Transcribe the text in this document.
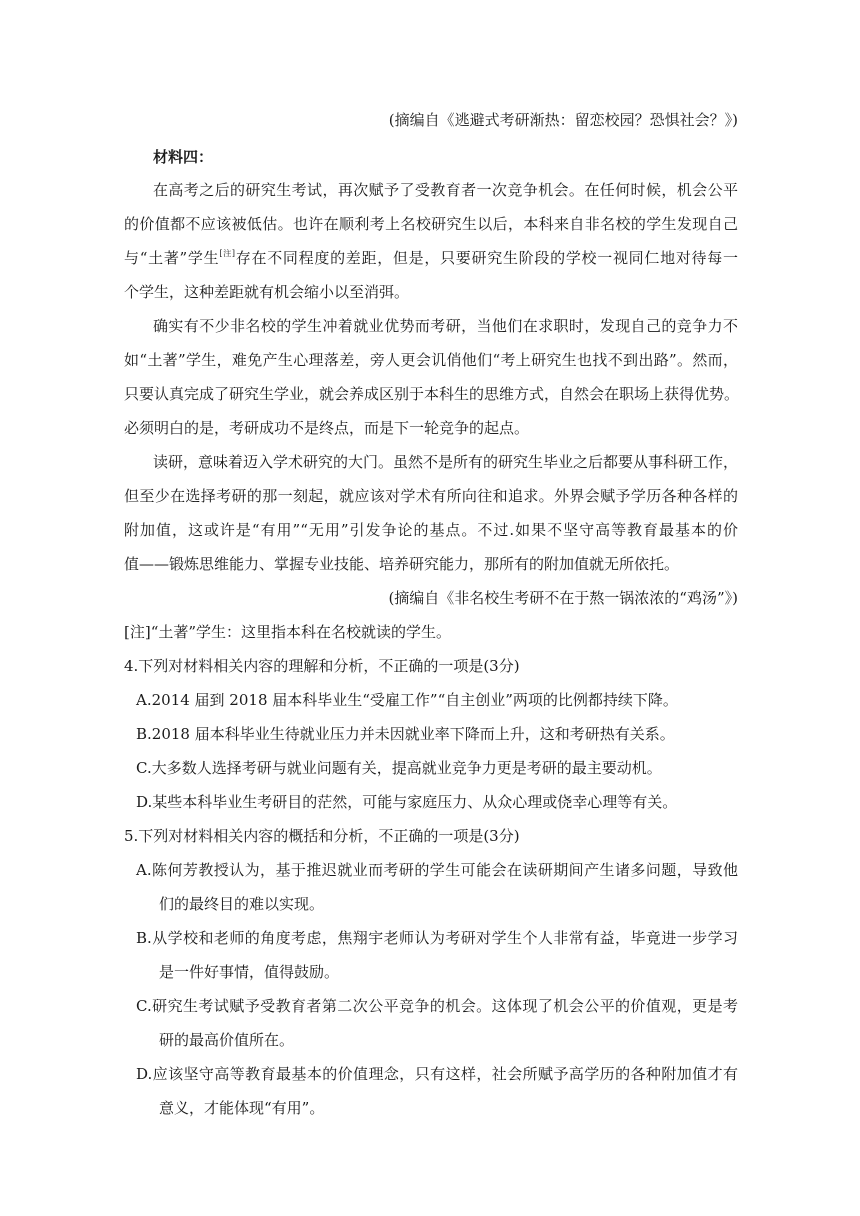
(摘编自《逃避式考研渐热：留恋校园？恐惧社会？》)
材料四：
在高考之后的研究生考试，再次赋予了受教育者一次竞争机会。在任何时候，机会公平
的价值都不应该被低估。也许在顺利考上名校研究生以后，本科来自非名校的学生发现自己
与“土著”学生[注]存在不同程度的差距，但是，只要研究生阶段的学校一视同仁地对待每一
个学生，这种差距就有机会缩小以至消弭。
确实有不少非名校的学生冲着就业优势而考研，当他们在求职时，发现自己的竞争力不
如“土著”学生，难免产生心理落差，旁人更会讥俏他们“考上研究生也找不到出路”。然而，
只要认真完成了研究生学业，就会养成区别于本科生的思维方式，自然会在职场上获得优势。
必须明白的是，考研成功不是终点，而是下一轮竞争的起点。
读研，意味着迈入学术研究的大门。虽然不是所有的研究生毕业之后都要从事科研工作，
但至少在选择考研的那一刻起，就应该对学术有所向往和追求。外界会赋予学历各种各样的
附加值，这或许是“有用”“无用”引发争论的基点。不过.如果不坚守高等教育最基本的价
值——锻炼思维能力、掌握专业技能、培养研究能力，那所有的附加值就无所依托。
(摘编自《非名校生考研不在于熬一锅浓浓的“鸡汤”》)
[注]“土著”学生：这里指本科在名校就读的学生。
4.下列对材料相关内容的理解和分析，不正确的一项是(3分)
A.2014 届到 2018 届本科毕业生“受雇工作”“自主创业”两项的比例都持续下降。
B.2018 届本科毕业生待就业压力并未因就业率下降而上升，这和考研热有关系。
C.大多数人选择考研与就业问题有关，提高就业竞争力更是考研的最主要动机。
D.某些本科毕业生考研目的茫然，可能与家庭压力、从众心理或侥幸心理等有关。
5.下列对材料相关内容的概括和分析，不正确的一项是(3分)
A.陈何芳教授认为，基于推迟就业而考研的学生可能会在读研期间产生诸多问题，导致他
们的最终目的难以实现。
B.从学校和老师的角度考虑，焦翔宇老师认为考研对学生个人非常有益，毕竟进一步学习
是一件好事情，值得鼓励。
C.研究生考试赋予受教育者第二次公平竞争的机会。这体现了机会公平的价值观，更是考
研的最高价值所在。
D.应该坚守高等教育最基本的价值理念，只有这样，社会所赋予高学历的各种附加值才有
意义，才能体现“有用”。
